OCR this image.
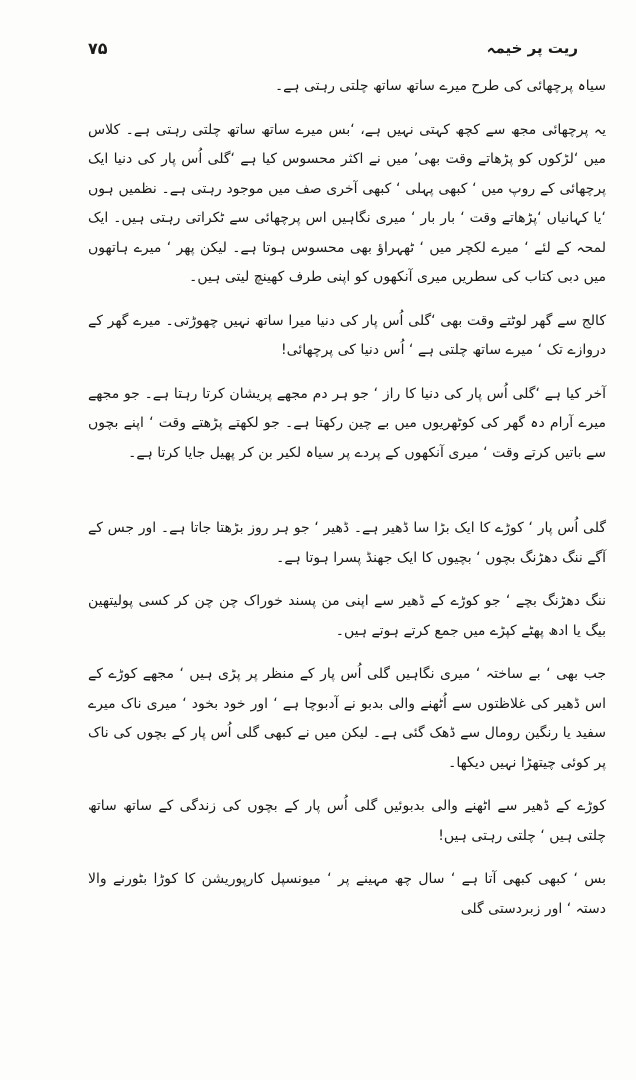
۷۵	ریت پر خیمہ

سیاہ پرچھائی کی طرح میرے ساتھ ساتھ چلتی رہتی ہے۔

یہ پرچھائی مجھ سے کچھ کہتی نہیں ہے، ‘بس میرے ساتھ ساتھ چلتی رہتی ہے۔ کلاس میں ‘لڑکوں کو پڑھاتے وقت بھی’ میں نے اکثر محسوس کیا ہے ‘گلی اُس پار کی دنیا ایک پرچھائی کے روپ میں ‘ کبھی پہلی ‘ کبھی آخری صف میں موجود رہتی ہے۔ نظمیں ہوں ‘یا کہانیاں ‘پڑھاتے وقت ‘ بار بار ‘ میری نگاہیں اس پرچھائی سے ٹکراتی رہتی ہیں۔ ایک لمحہ کے لئے ‘ میرے لکچر میں ‘ ٹھہراؤ بھی محسوس ہوتا ہے۔ لیکن پھر ‘ میرے ہاتھوں میں دبی کتاب کی سطریں میری آنکھوں کو اپنی طرف کھینچ لیتی ہیں۔

کالج سے گھر لوٹتے وقت بھی ‘گلی اُس پار کی دنیا میرا ساتھ نہیں چھوڑتی۔ میرے گھر کے دروازے تک ‘ میرے ساتھ چلتی ہے ‘ اُس دنیا کی پرچھائی!

آخر کیا ہے ‘گلی اُس پار کی دنیا کا راز ‘ جو ہر دم مجھے پریشان کرتا رہتا ہے۔ جو مجھے میرے آرام دہ گھر کی کوٹھریوں میں بے چین رکھتا ہے۔ جو لکھتے پڑھتے وقت ‘ اپنے بچوں سے باتیں کرتے وقت ‘ میری آنکھوں کے پردے پر سیاہ لکیر بن کر پھیل جایا کرتا ہے۔

گلی اُس پار ‘ کوڑے کا ایک بڑا سا ڈھیر ہے۔ ڈھیر ‘ جو ہر روز بڑھتا جاتا ہے۔ اور جس کے آگے ننگ دھڑنگ بچوں ‘ بچیوں کا ایک جھنڈ پسرا ہوتا ہے۔

ننگ دھڑنگ بچے ‘ جو کوڑے کے ڈھیر سے اپنی من پسند خوراک چن چن کر کسی پولیتھین بیگ یا ادھ پھٹے کپڑے میں جمع کرتے ہوتے ہیں۔

جب بھی ‘ بے ساختہ ‘ میری نگاہیں گلی اُس پار کے منظر پر پڑی ہیں ‘ مجھے کوڑے کے اس ڈھیر کی غلاظتوں سے اُٹھنے والی بدبو نے آدبوچا ہے ‘ اور خود بخود ‘ میری ناک میرے سفید یا رنگین رومال سے ڈھک گئی ہے۔ لیکن میں نے کبھی گلی اُس پار کے بچوں کی ناک پر کوئی چیتھڑا نہیں دیکھا۔

کوڑے کے ڈھیر سے اٹھنے والی بدبوئیں گلی اُس پار کے بچوں کی زندگی کے ساتھ ساتھ چلتی ہیں ‘ چلتی رہتی ہیں!

بس ‘ کبھی کبھی آتا ہے ‘ سال چھ مہینے پر ‘ میونسپل کارپوریشن کا کوڑا بٹورنے والا دستہ ‘ اور زبردستی گلی
